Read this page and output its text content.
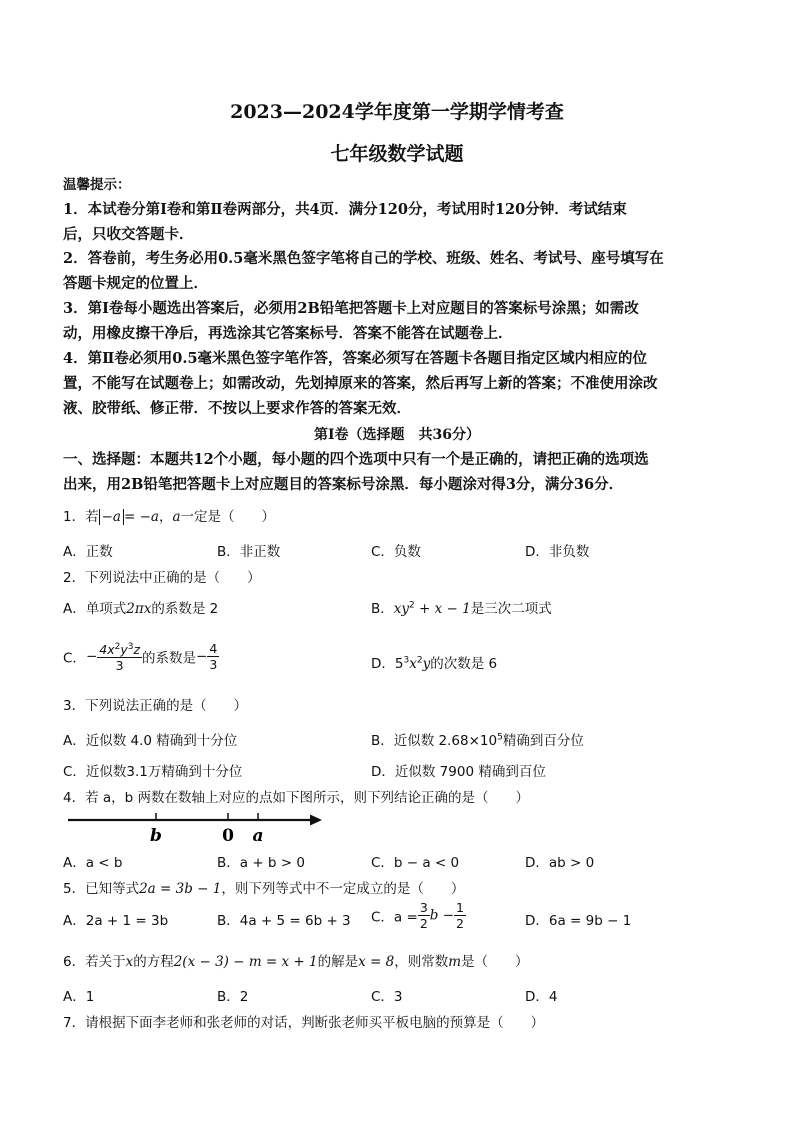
2023—2024学年度第一学期学情考查
七年级数学试题
温馨提示：
1．本试卷分第Ⅰ卷和第Ⅱ卷两部分，共4页．满分120分，考试用时120分钟．考试结束
后，只收交答题卡．
2．答卷前，考生务必用0.5毫米黑色签字笔将自己的学校、班级、姓名、考试号、座号填写在
答题卡规定的位置上．
3．第Ⅰ卷每小题选出答案后，必须用2B铅笔把答题卡上对应题目的答案标号涂黑；如需改
动，用橡皮擦干净后，再选涂其它答案标号．答案不能答在试题卷上．
4．第Ⅱ卷必须用0.5毫米黑色签字笔作答，答案必须写在答题卡各题目指定区域内相应的位
置，不能写在试题卷上；如需改动，先划掉原来的答案，然后再写上新的答案；不准使用涂改
液、胶带纸、修正带．不按以上要求作答的答案无效．
第Ⅰ卷（选择题　共36分）
一、选择题：本题共12个小题，每小题的四个选项中只有一个是正确的，请把正确的选项选
出来，用2B铅笔把答题卡上对应题目的答案标号涂黑．每小题涂对得3分，满分36分．
1．若 −a = −a，a一定是（　　）
A．正数	B．非正数	C．负数	D．非负数
2．下列说法中正确的是（　　）
A．单项式2πx的系数是 2	B．$xy^2 + x - 1$是三次二项式
C．− $\frac{4x^2y^3z}{3}$ 的系数是− $\frac{4}{3}$	D．$5^3x^2y$的次数是 6
3．下列说法正确的是（　　）
A．近似数 4.0 精确到十分位	B．近似数 $2.68\times 10^5$精确到百分位
C．近似数3.1万精确到十分位	D．近似数 7900 精确到百位
4．若 a，b 两数在数轴上对应的点如下图所示，则下列结论正确的是（　　）
b	0 a
A．a < b	B．a + b > 0	C．b − a < 0	D．ab > 0
5．已知等式2a = 3b − 1，则下列等式中不一定成立的是（　　）
A．2a + 1 = 3b	B．4a + 5 = 6b + 3 C．$a = \frac{3}{2}$ $b - \frac{1}{2}$	D．6a = 9b − 1
6．若关于x的方程2(x − 3) − m = x + 1的解是x = 8，则常数m是（　　）
A．1	B．2	C．3	D．4
7．请根据下面李老师和张老师的对话，判断张老师买平板电脑的预算是（　　）
